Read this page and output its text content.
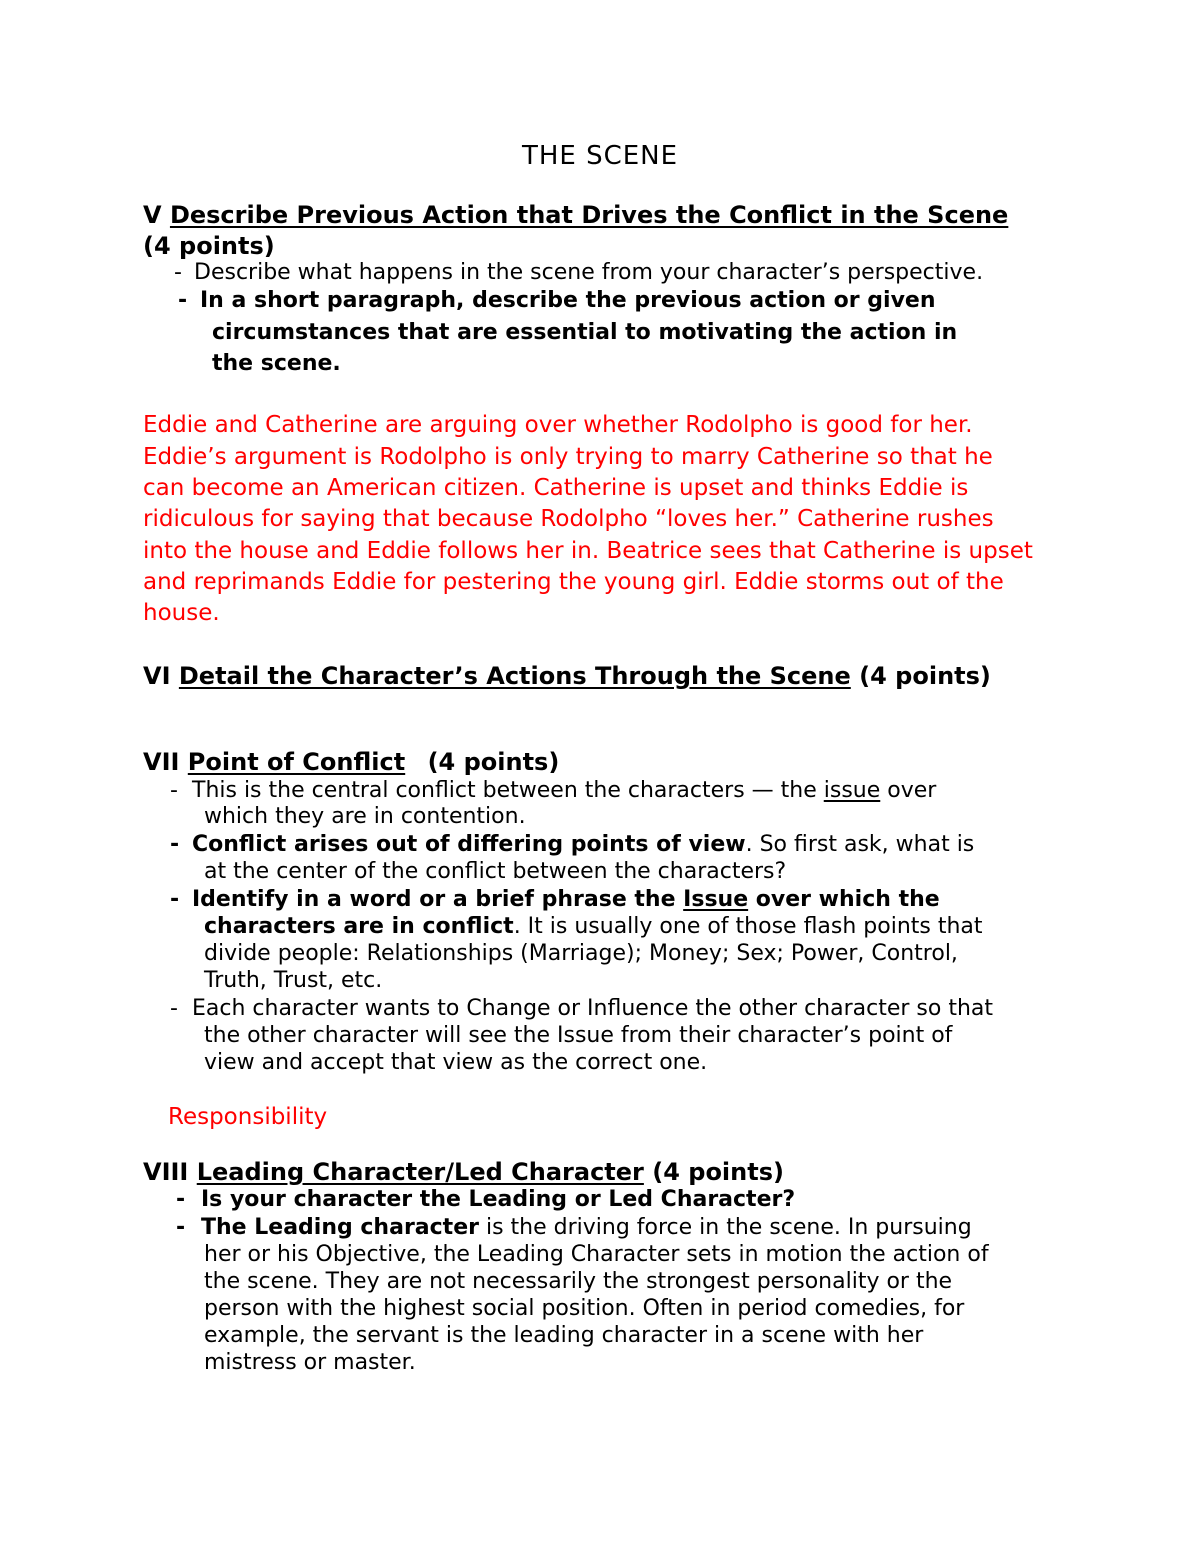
THE SCENE
V Describe Previous Action that Drives the Conflict in the Scene
(4 points)
- Describe what happens in the scene from your character’s perspective.
- In a short paragraph, describe the previous action or given
circumstances that are essential to motivating the action in
the scene.
Eddie and Catherine are arguing over whether Rodolpho is good for her.
Eddie’s argument is Rodolpho is only trying to marry Catherine so that he
can become an American citizen. Catherine is upset and thinks Eddie is
ridiculous for saying that because Rodolpho “loves her.” Catherine rushes
into the house and Eddie follows her in. Beatrice sees that Catherine is upset
and reprimands Eddie for pestering the young girl. Eddie storms out of the
house.
VI Detail the Character’s Actions Through the Scene (4 points)
VII Point of Conflict (4 points)
- This is the central conflict between the characters — the issue over
which they are in contention.
- Conflict arises out of differing points of view. So first ask, what is
at the center of the conflict between the characters?
- Identify in a word or a brief phrase the Issue over which the
characters are in conflict. It is usually one of those flash points that
divide people: Relationships (Marriage); Money; Sex; Power, Control,
Truth, Trust, etc.
- Each character wants to Change or Influence the other character so that
the other character will see the Issue from their character’s point of
view and accept that view as the correct one.
Responsibility
VIII Leading Character/Led Character (4 points)
- Is your character the Leading or Led Character?
- The Leading character is the driving force in the scene. In pursuing
her or his Objective, the Leading Character sets in motion the action of
the scene. They are not necessarily the strongest personality or the
person with the highest social position. Often in period comedies, for
example, the servant is the leading character in a scene with her
mistress or master.
